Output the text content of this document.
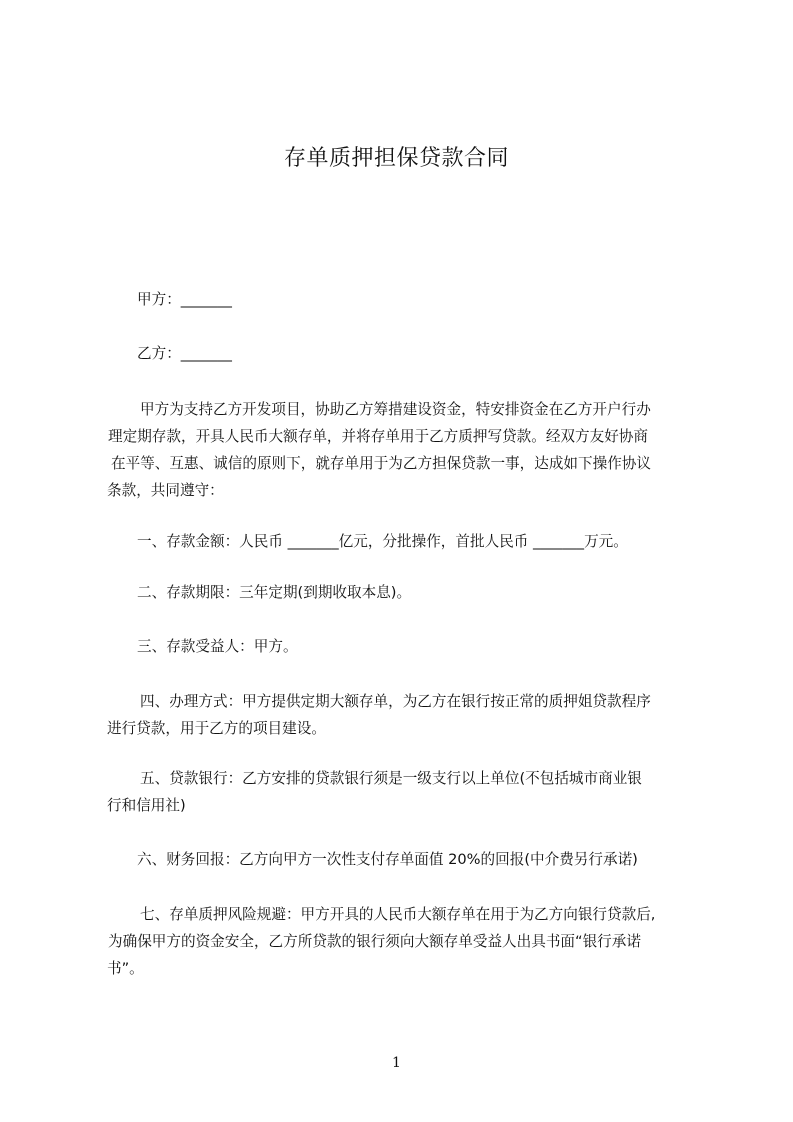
存单质押担保贷款合同
甲方：_______
乙方：_______
甲方为支持乙方开发项目，协助乙方筹措建设资金，特安排资金在乙方开户行办
理定期存款，开具人民币大额存单，并将存单用于乙方质押写贷款。经双方友好协商
在平等、互惠、诚信的原则下，就存单用于为乙方担保贷款一事，达成如下操作协议
条款，共同遵守：
一、存款金额：人民币 _______亿元，分批操作，首批人民币 _______万元。
二、存款期限：三年定期(到期收取本息)。
三、存款受益人：甲方。
四、办理方式：甲方提供定期大额存单，为乙方在银行按正常的质押姐贷款程序
进行贷款，用于乙方的项目建设。
五、贷款银行：乙方安排的贷款银行须是一级支行以上单位(不包括城市商业银
行和信用社)
六、财务回报：乙方向甲方一次性支付存单面值 20%的回报(中介费另行承诺)
七、存单质押风险规避：甲方开具的人民币大额存单在用于为乙方向银行贷款后,
为确保甲方的资金安全，乙方所贷款的银行须向大额存单受益人出具书面“银行承诺
书”。
1
